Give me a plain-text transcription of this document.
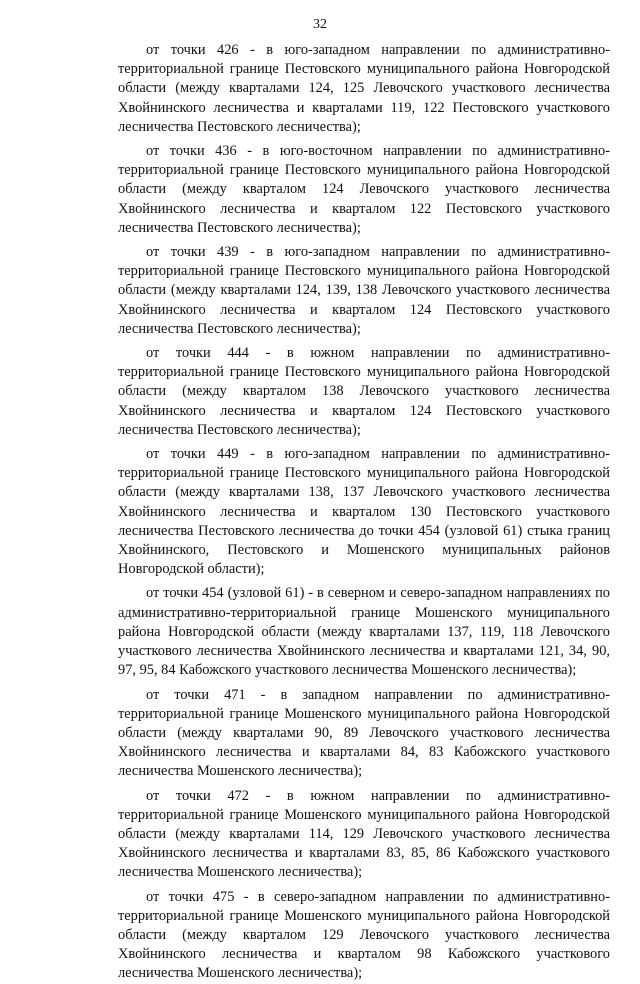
32

от точки 426 - в юго-западном направлении по административно-территориальной границе Пестовского муниципального района Новгородской области (между кварталами 124, 125 Левочского участкового лесничества Хвойнинского лесничества и кварталами 119, 122 Пестовского участкового лесничества Пестовского лесничества);

от точки 436 - в юго-восточном направлении по административно-территориальной границе Пестовского муниципального района Новгородской области (между кварталом 124 Левочского участкового лесничества Хвойнинского лесничества и кварталом 122 Пестовского участкового лесничества Пестовского лесничества);

от точки 439 - в юго-западном направлении по административно-территориальной границе Пестовского муниципального района Новгородской области (между кварталами 124, 139, 138 Левочского участкового лесничества Хвойнинского лесничества и кварталом 124 Пестовского участкового лесничества Пестовского лесничества);

от точки 444 - в южном направлении по административно-территориальной границе Пестовского муниципального района Новгородской области (между кварталом 138 Левочского участкового лесничества Хвойнинского лесничества и кварталом 124 Пестовского участкового лесничества Пестовского лесничества);

от точки 449 - в юго-западном направлении по административно-территориальной границе Пестовского муниципального района Новгородской области (между кварталами 138, 137 Левочского участкового лесничества Хвойнинского лесничества и кварталом 130 Пестовского участкового лесничества Пестовского лесничества до точки 454 (узловой 61) стыка границ Хвойнинского, Пестовского и Мошенского муниципальных районов Новгородской области);

от точки 454 (узловой 61) - в северном и северо-западном направлениях по административно-территориальной границе Мошенского муниципального района Новгородской области (между кварталами 137, 119, 118 Левочского участкового лесничества Хвойнинского лесничества и кварталами 121, 34, 90, 97, 95, 84 Кабожского участкового лесничества Мошенского лесничества);

от точки 471 - в западном направлении по административно-территориальной границе Мошенского муниципального района Новгородской области (между кварталами 90, 89 Левочского участкового лесничества Хвойнинского лесничества и кварталами 84, 83 Кабожского участкового лесничества Мошенского лесничества);

от точки 472 - в южном направлении по административно-территориальной границе Мошенского муниципального района Новгородской области (между кварталами 114, 129 Левочского участкового лесничества Хвойнинского лесничества и кварталами 83, 85, 86 Кабожского участкового лесничества Мошенского лесничества);

от точки 475 - в северо-западном направлении по административно-территориальной границе Мошенского муниципального района Новгородской области (между кварталом 129 Левочского участкового лесничества Хвойнинского лесничества и кварталом 98 Кабожского участкового лесничества Мошенского лесничества);
